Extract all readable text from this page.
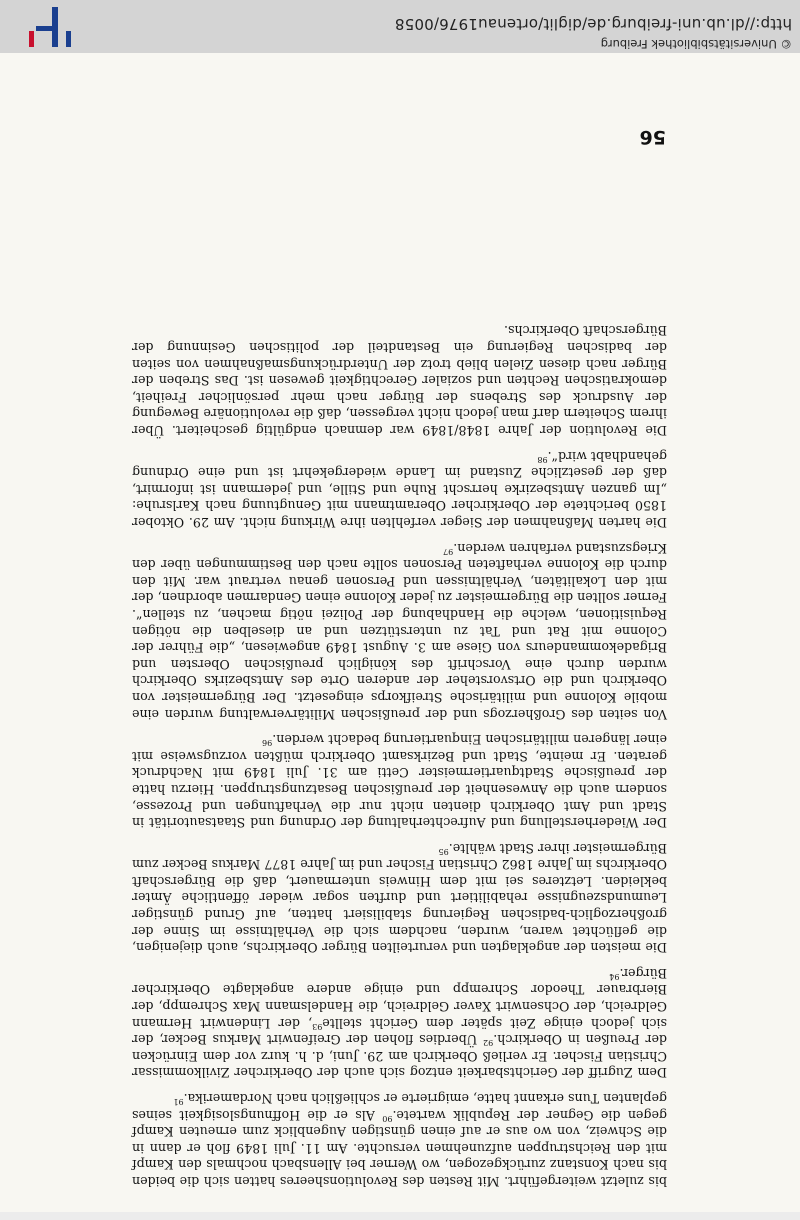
bis zuletzt weitergeführt. Mit Resten des Revolutionsheeres hatten sich die beiden bis nach Konstanz zurückgezogen, wo Werner bei Allensbach nochmals den Kampf mit den Reichstruppen aufzunehmen versuchte. Am 11. Juli 1849 floh er dann in die Schweiz, von wo aus er auf einen günstigen Augenblick zum erneuten Kampf gegen die Gegner der Republik wartete.$^{90}$ Als er die Hoffnungslosigkeit seines geplanten Tuns erkannt hatte, emigrierte er schließlich nach Nordamerika.$^{91}$

Dem Zugriff der Gerichtsbarkeit entzog sich auch der Oberkircher Zivilkommissar Christian Fischer. Er verließ Oberkirch am 29. Juni, d. h. kurz vor dem Einrücken der Preußen in Oberkirch.$^{92}$ Überdies flohen der Greifenwirt Markus Becker, der sich jedoch einige Zeit später dem Gericht stellte$^{93}$, der Lindenwirt Hermann Geldreich, der Ochsenwirt Xaver Geldreich, die Handelsmann Max Schrempp, der Bierbrauer Theodor Schrempp und einige andere angeklagte Oberkircher Bürger.$^{94}$

Die meisten der angeklagten und verurteilten Bürger Oberkirchs, auch diejenigen, die geflüchtet waren, wurden, nachdem sich die Verhältnisse im Sinne der großherzoglich-badischen Regierung stabilisiert hatten, auf Grund günstiger Leumundszeugnisse rehabilitiert und durften sogar wieder öffentliche Ämter bekleiden. Letzteres sei mit dem Hinweis untermauert, daß die Bürgerschaft Oberkirchs im Jahre 1862 Christian Fischer und im Jahre 1877 Markus Becker zum Bürgermeister ihrer Stadt wählte.$^{95}$

Der Wiederherstellung und Aufrechterhaltung der Ordnung und Staatsautorität in Stadt und Amt Oberkirch dienten nicht nur die Verhaftungen und Prozesse, sondern auch die Anwesenheit der preußischen Besatzungstruppen. Hierzu hatte der preußische Stadtquartiermeister Cetti am 31. Juli 1849 mit Nachdruck geraten. Er meinte, Stadt und Bezirksamt Oberkirch müßten vorzugsweise mit einer längeren militärischen Einquartierung bedacht werden.$^{96}$

Von seiten des Großherzogs und der preußischen Militärverwaltung wurden eine mobile Kolonne und militärische Streifkorps eingesetzt. Der Bürgermeister von Oberkirch und die Ortsvorsteher der anderen Orte des Amtsbezirks Oberkirch wurden durch eine Vorschrift des königlich preußischen Obersten und Brigadekommandeurs von Giese am 3. August 1849 angewiesen, „die Führer der Colonne mit Rat und Tat zu unterstützen und an dieselben die nötigen Requisitionen, welche die Handhabung der Polizei nötig machen, zu stellen“. Ferner sollten die Bürgermeister zu jeder Kolonne einen Gendarmen abordnen, der mit den Lokalitäten, Verhältnissen und Personen genau vertraut war. Mit den durch die Kolonne verhafteten Personen sollte nach den Bestimmungen über den Kriegszustand verfahren werden.$^{97}$

Die harten Maßnahmen der Sieger verfehlten ihre Wirkung nicht. Am 29. Oktober 1850 berichtete der Oberkircher Oberamtmann mit Genugtuung nach Karlsruhe: „Im ganzen Amtsbezirke herrscht Ruhe und Stille, und jedermann ist informirt, daß der gesetzliche Zustand im Lande wiedergekehrt ist und eine Ordnung gehandhabt wird“.$^{98}$

Die Revolution der Jahre 1848/1849 war demnach endgültig gescheitert. Über ihrem Scheitern darf man jedoch nicht vergessen, daß die revolutionäre Bewegung der Ausdruck des Strebens der Bürger nach mehr persönlicher Freiheit, demokratischen Rechten und sozialer Gerechtigkeit gewesen ist. Das Streben der Bürger nach diesen Zielen blieb trotz der Unterdrückungsmaßnahmen von seiten der badischen Regierung ein Bestandteil der politischen Gesinnung der Bürgerschaft Oberkirchs.

56
http://dl.ub.uni-freiburg.de/diglit/ortenau1976/0058
© Universitätsbibliothek Freiburg
